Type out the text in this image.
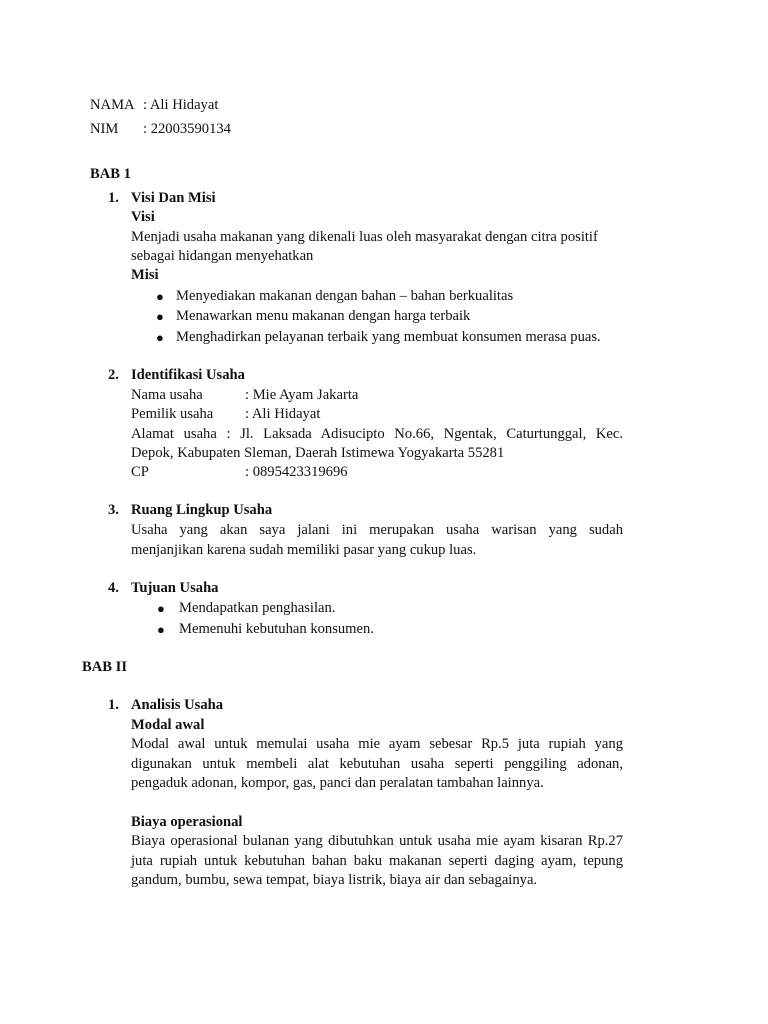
NAMA : Ali Hidayat
NIM : 22003590134
BAB 1
1. Visi Dan Misi
Visi
Menjadi usaha makanan yang dikenali luas oleh masyarakat dengan citra positif
sebagai hidangan menyehatkan
Misi
● Menyediakan makanan dengan bahan – bahan berkualitas
● Menawarkan menu makanan dengan harga terbaik
● Menghadirkan pelayanan terbaik yang membuat konsumen merasa puas.
2. Identifikasi Usaha
Nama usaha	: Mie Ayam Jakarta
Pemilik usaha : Ali Hidayat
Alamat usaha : Jl. Laksada Adisucipto No.66, Ngentak, Caturtunggal, Kec.
Depok, Kabupaten Sleman, Daerah Istimewa Yogyakarta 55281
CP	: 0895423319696
3. Ruang Lingkup Usaha
Usaha yang akan saya jalani ini merupakan usaha warisan yang sudah
menjanjikan karena sudah memiliki pasar yang cukup luas.
4. Tujuan Usaha
● Mendapatkan penghasilan.
● Memenuhi kebutuhan konsumen.
BAB II
1. Analisis Usaha
Modal awal
Modal awal untuk memulai usaha mie ayam sebesar Rp.5 juta rupiah yang
digunakan untuk membeli alat kebutuhan usaha seperti penggiling adonan,
pengaduk adonan, kompor, gas, panci dan peralatan tambahan lainnya.
Biaya operasional
Biaya operasional bulanan yang dibutuhkan untuk usaha mie ayam kisaran Rp.27
juta rupiah untuk kebutuhan bahan baku makanan seperti daging ayam, tepung
gandum, bumbu, sewa tempat, biaya listrik, biaya air dan sebagainya.
